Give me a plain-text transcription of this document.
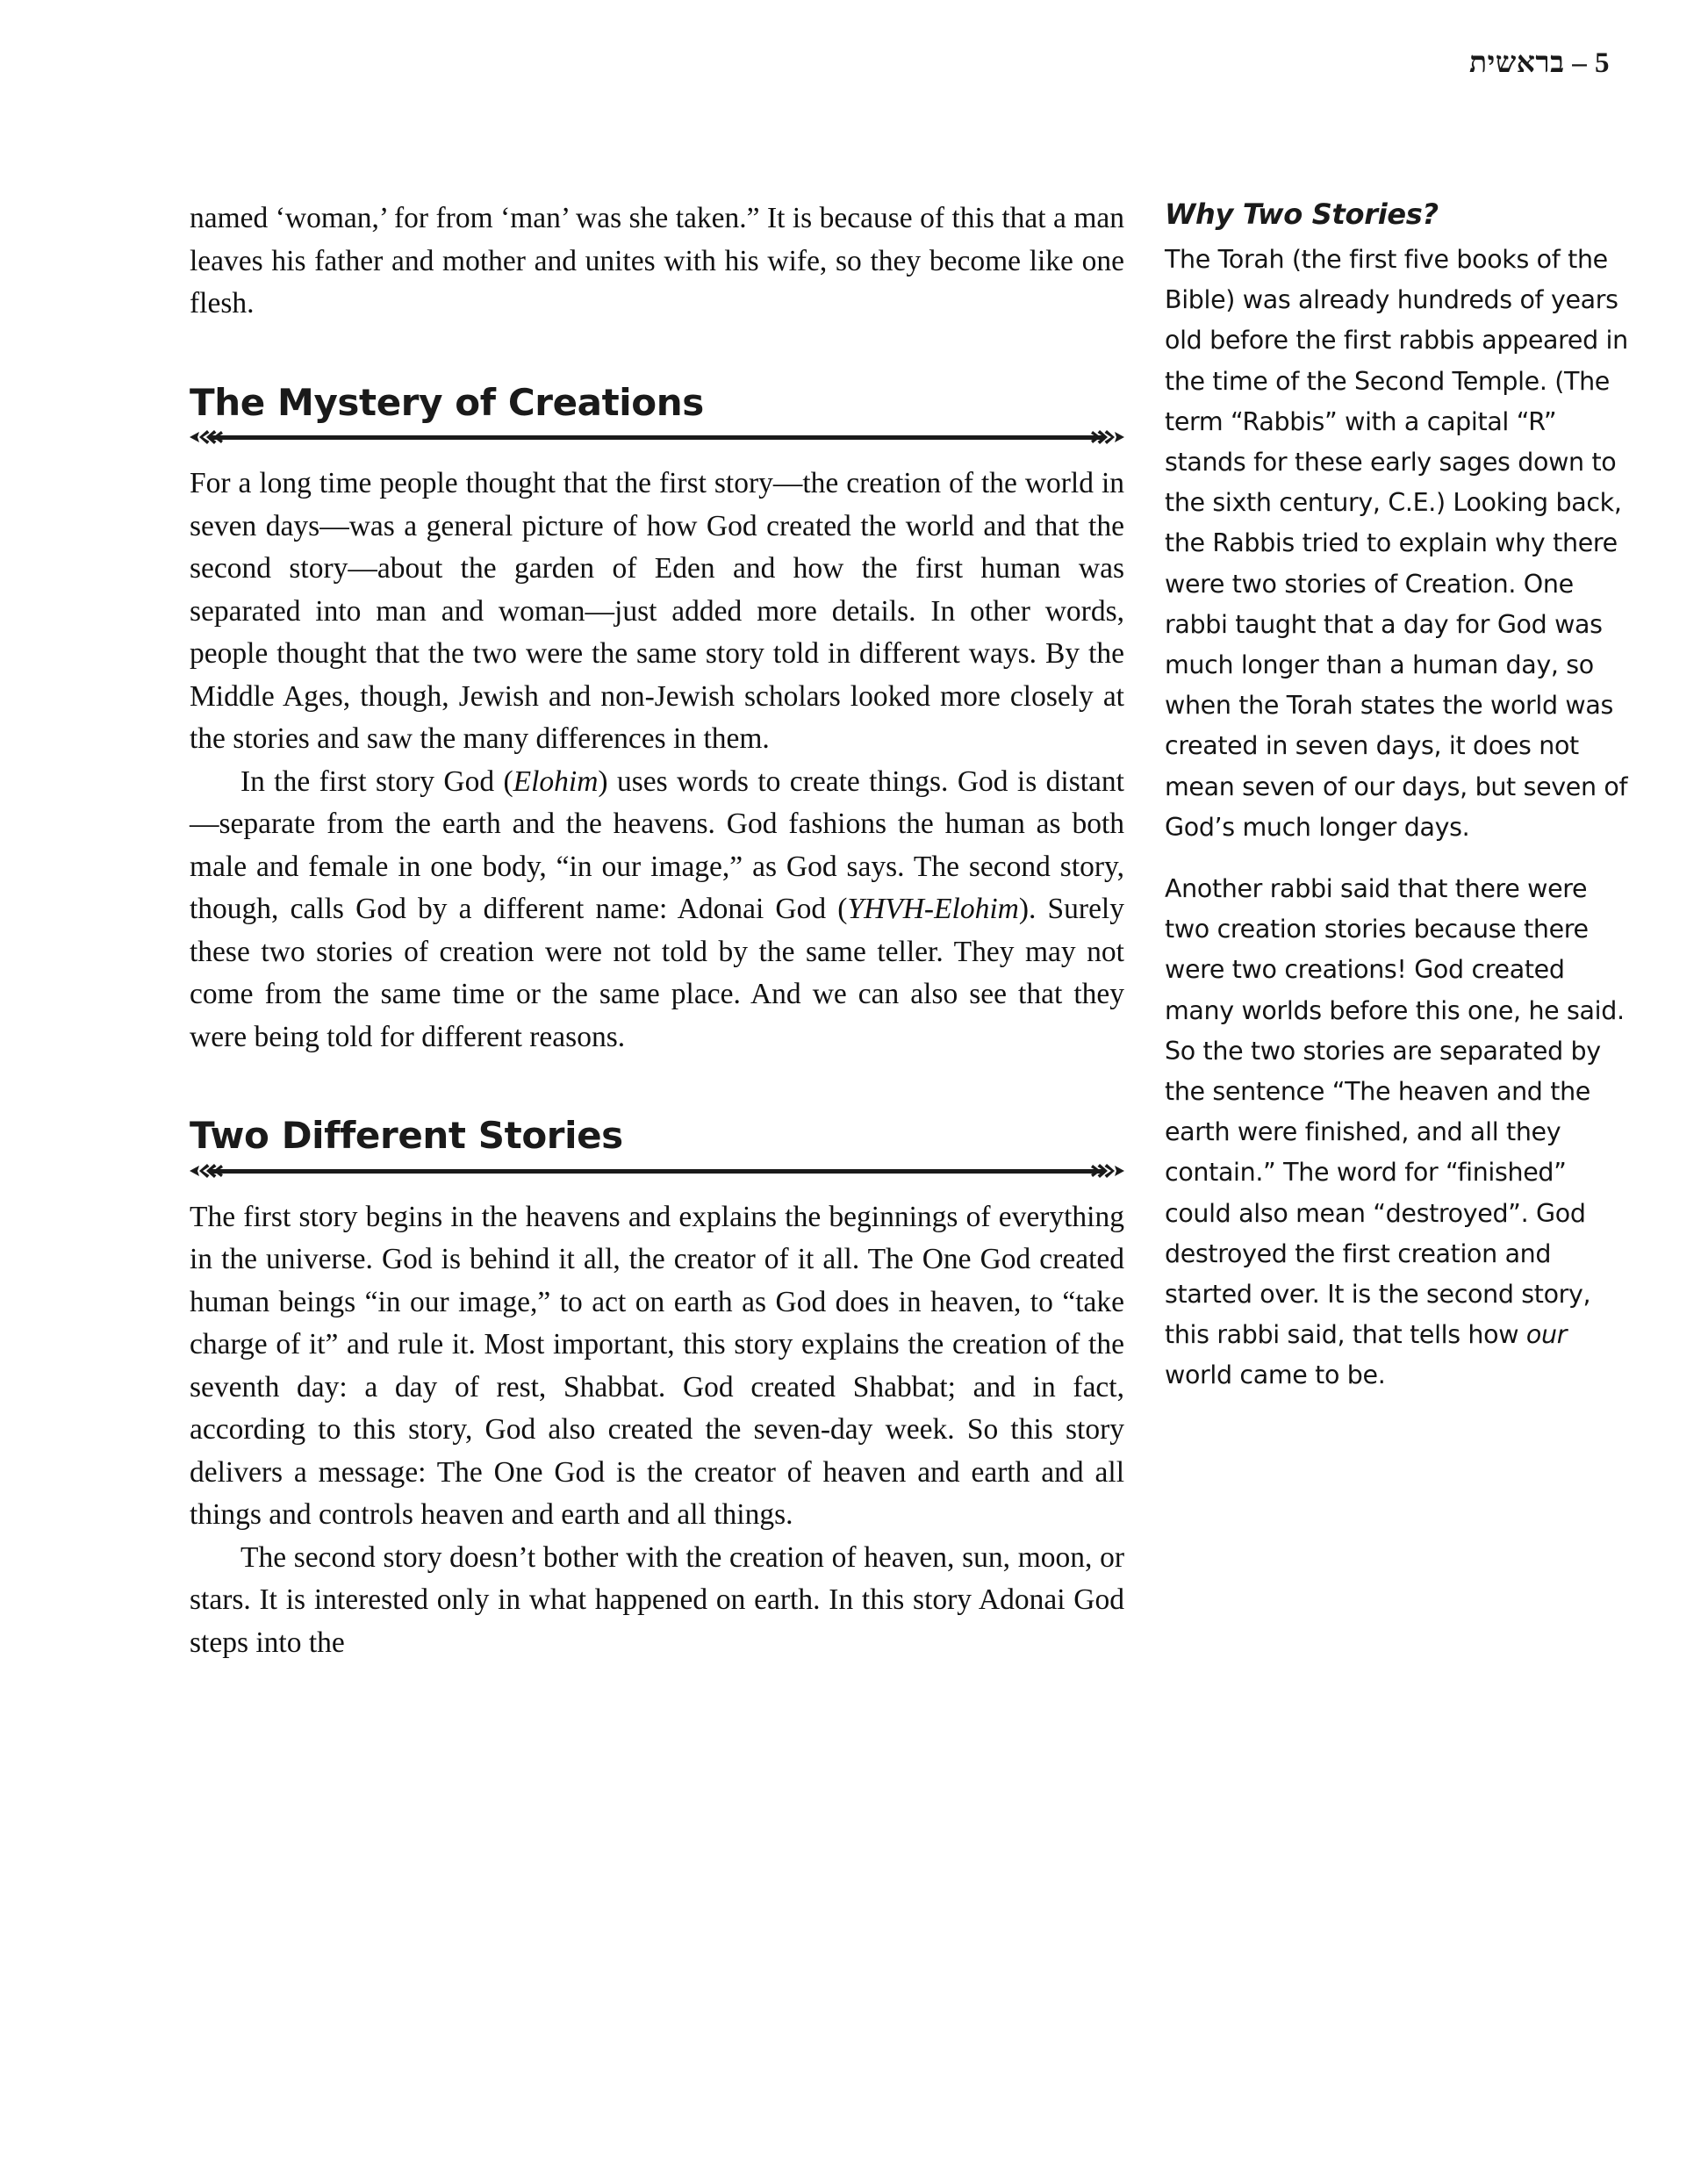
5 – בראשית

named ‘woman,’ for from ‘man’ was she taken.” It is because of this that a man leaves his father and mother and unites with his wife, so they become like one flesh.

The Mystery of Creations

For a long time people thought that the first story—the creation of the world in seven days—was a general picture of how God created the world and that the second story—about the garden of Eden and how the first human was separated into man and woman—just added more details. In other words, people thought that the two were the same story told in different ways. By the Middle Ages, though, Jewish and non-Jewish scholars looked more closely at the stories and saw the many differences in them.

In the first story God (Elohim) uses words to create things. God is distant—separate from the earth and the heavens. God fashions the human as both male and female in one body, “in our image,” as God says. The second story, though, calls God by a different name: Adonai God (YHVH-Elohim). Surely these two stories of creation were not told by the same teller. They may not come from the same time or the same place. And we can also see that they were being told for different reasons.

Two Different Stories

The first story begins in the heavens and explains the beginnings of everything in the universe. God is behind it all, the creator of it all. The One God created human beings “in our image,” to act on earth as God does in heaven, to “take charge of it” and rule it. Most important, this story explains the creation of the seventh day: a day of rest, Shabbat. God created Shabbat; and in fact, according to this story, God also created the seven-day week. So this story delivers a message: The One God is the creator of heaven and earth and all things and controls heaven and earth and all things.

The second story doesn’t bother with the creation of heaven, sun, moon, or stars. It is interested only in what happened on earth. In this story Adonai God steps into the

Why Two Stories?

The Torah (the first five books of the Bible) was already hundreds of years old before the first rabbis appeared in the time of the Second Temple. (The term “Rabbis” with a capital “R” stands for these early sages down to the sixth century, C.E.) Looking back, the Rabbis tried to explain why there were two stories of Creation. One rabbi taught that a day for God was much longer than a human day, so when the Torah states the world was created in seven days, it does not mean seven of our days, but seven of God’s much longer days.

Another rabbi said that there were two creation stories because there were two creations! God created many worlds before this one, he said. So the two stories are separated by the sentence “The heaven and the earth were finished, and all they contain.” The word for “finished” could also mean “destroyed”. God destroyed the first creation and started over. It is the second story, this rabbi said, that tells how our world came to be.
